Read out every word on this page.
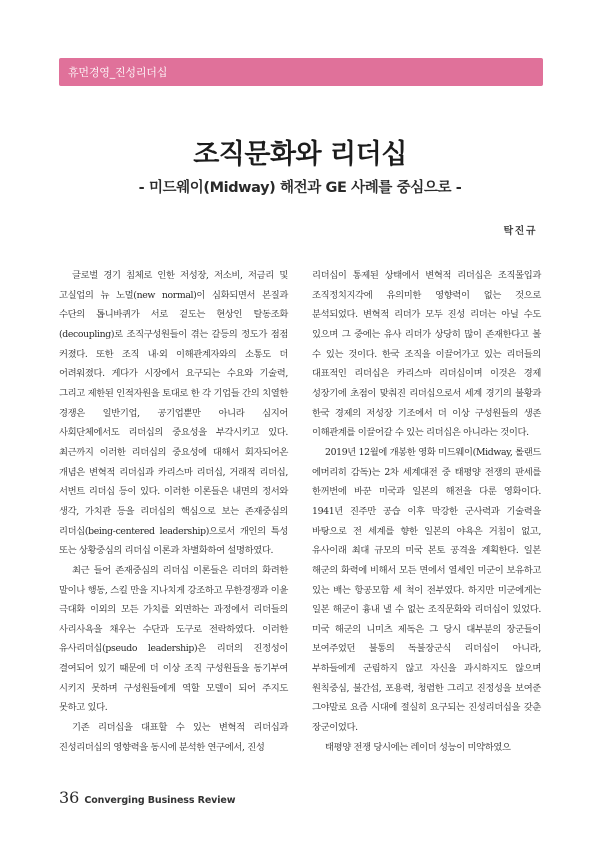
휴먼경영_진성리더십
조직문화와 리더십
- 미드웨이(Midway) 해전과 GE 사례를 중심으로 -
탁진규

글로벌 경기 침체로 인한 저성장, 저소비, 저금리 및 고실업의 뉴 노멀(new normal)이 심화되면서 본질과 수단의 톱니바퀴가 서로 겉도는 현상인 탈동조화(decoupling)로 조직구성원들이 겪는 갈등의 정도가 점점 커졌다. 또한 조직 내·외 이해관계자와의 소통도 더 어려워졌다. 게다가 시장에서 요구되는 수요와 기술력, 그리고 제한된 인적자원을 토대로 한 각 기업들 간의 치열한 경쟁은 일반기업, 공기업뿐만 아니라 심지어 사회단체에서도 리더십의 중요성을 부각시키고 있다. 최근까지 이러한 리더십의 중요성에 대해서 회자되어온 개념은 변혁적 리더십과 카리스마 리더십, 거래적 리더십, 서번트 리더십 등이 있다. 이러한 이론들은 내면의 정서와 생각, 가치관 등을 리더십의 핵심으로 보는 존재중심의 리더십(being-centered leadership)으로서 개인의 특성 또는 상황중심의 리더십 이론과 차별화하여 설명하였다.

최근 들어 존재중심의 리더십 이론들은 리더의 화려한 말이나 행동, 스킬 만을 지나치게 강조하고 무한경쟁과 이윤 극대화 이외의 모든 가치를 외면하는 과정에서 리더들의 사리사욕을 채우는 수단과 도구로 전락하였다. 이러한 유사리더십(pseudo leadership)은 리더의 진정성이 결여되어 있기 때문에 더 이상 조직 구성원들을 동기부여 시키지 못하며 구성원들에게 역할 모델이 되어 주지도 못하고 있다.

기존 리더십을 대표할 수 있는 변혁적 리더십과 진성리더십의 영향력을 동시에 분석한 연구에서, 진성

리더십이 통제된 상태에서 변혁적 리더십은 조직몰입과 조직정치지각에 유의미한 영향력이 없는 것으로 분석되었다. 변혁적 리더가 모두 진성 리더는 아닐 수도 있으며 그 중에는 유사 리더가 상당히 많이 존재한다고 볼 수 있는 것이다. 한국 조직을 이끌어가고 있는 리더들의 대표적인 리더십은 카리스마 리더십이며 이것은 경제 성장기에 초점이 맞춰진 리더십으로서 세계 경기의 불황과 한국 경제의 저성장 기조에서 더 이상 구성원들의 생존 이해관계를 이끌어갈 수 있는 리더십은 아니라는 것이다.

2019년 12월에 개봉한 영화 미드웨이(Midway, 롤랜드 에머리히 감독)는 2차 세계대전 중 태평양 전쟁의 판세를 한꺼번에 바꾼 미국과 일본의 해전을 다룬 영화이다. 1941년 진주만 공습 이후 막강한 군사력과 기술력을 바탕으로 전 세계를 향한 일본의 야욕은 거침이 없고, 유사이래 최대 규모의 미국 본토 공격을 계획한다. 일본 해군의 화력에 비해서 모든 면에서 열세인 미군이 보유하고 있는 배는 항공모함 세 척이 전부였다. 하지만 미군에게는 일본 해군이 흉내 낼 수 없는 조직문화와 리더십이 있었다. 미국 해군의 니미츠 제독은 그 당시 대부분의 장군들이 보여주었던 불통의 독불장군식 리더십이 아니라, 부하들에게 군림하지 않고 자신을 과시하지도 않으며 원칙중심, 불간섭, 포용력, 청렴한 그리고 진정성을 보여준 그야말로 요즘 시대에 절실히 요구되는 진성리더십을 갖춘 장군이었다.

태평양 전쟁 당시에는 레이더 성능이 미약하였으

36 Converging Business Review
